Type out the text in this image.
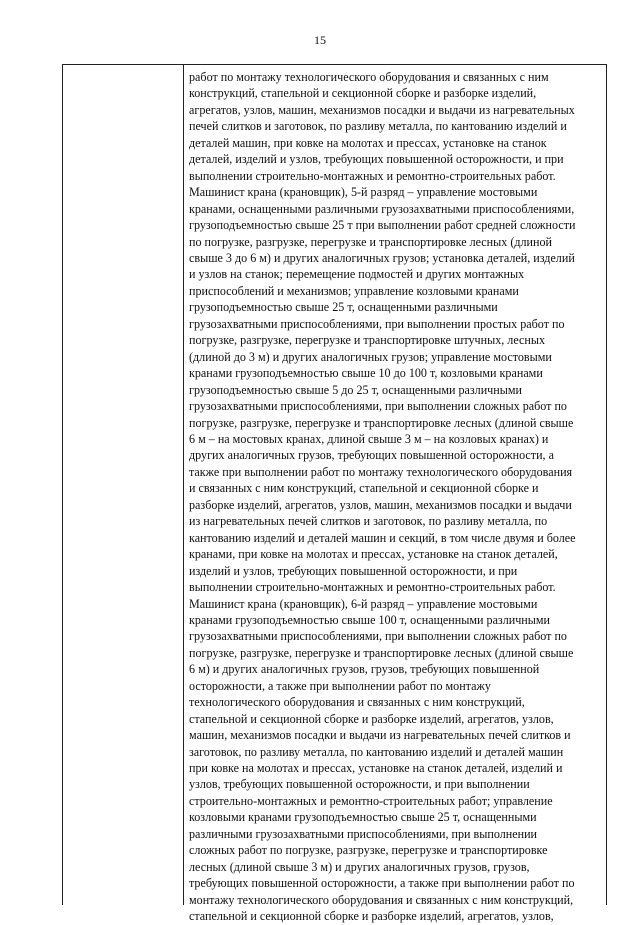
15
работ по монтажу технологического оборудования и связанных с ним
конструкций, стапельной и секционной сборке и разборке изделий,
агрегатов, узлов, машин, механизмов посадки и выдачи из нагревательных
печей слитков и заготовок, по разливу металла, по кантованию изделий и
деталей машин, при ковке на молотах и прессах, установке на станок
деталей, изделий и узлов, требующих повышенной осторожности, и при
выполнении строительно-монтажных и ремонтно-строительных работ.
Машинист крана (крановщик), 5-й разряд – управление мостовыми
кранами, оснащенными различными грузозахватными приспособлениями,
грузоподъемностью свыше 25 т при выполнении работ средней сложности
по погрузке, разгрузке, перегрузке и транспортировке лесных (длиной
свыше 3 до 6 м) и других аналогичных грузов; установка деталей, изделий
и узлов на станок; перемещение подмостей и других монтажных
приспособлений и механизмов; управление козловыми кранами
грузоподъемностью свыше 25 т, оснащенными различными
грузозахватными приспособлениями, при выполнении простых работ по
погрузке, разгрузке, перегрузке и транспортировке штучных, лесных
(длиной до 3 м) и других аналогичных грузов; управление мостовыми
кранами грузоподъемностью свыше 10 до 100 т, козловыми кранами
грузоподъемностью свыше 5 до 25 т, оснащенными различными
грузозахватными приспособлениями, при выполнении сложных работ по
погрузке, разгрузке, перегрузке и транспортировке лесных (длиной свыше
6 м – на мостовых кранах, длиной свыше 3 м – на козловых кранах) и
других аналогичных грузов, требующих повышенной осторожности, а
также при выполнении работ по монтажу технологического оборудования
и связанных с ним конструкций, стапельной и секционной сборке и
разборке изделий, агрегатов, узлов, машин, механизмов посадки и выдачи
из нагревательных печей слитков и заготовок, по разливу металла, по
кантованию изделий и деталей машин и секций, в том числе двумя и более
кранами, при ковке на молотах и прессах, установке на станок деталей,
изделий и узлов, требующих повышенной осторожности, и при
выполнении строительно-монтажных и ремонтно-строительных работ.
Машинист крана (крановщик), 6-й разряд – управление мостовыми
кранами грузоподъемностью свыше 100 т, оснащенными различными
грузозахватными приспособлениями, при выполнении сложных работ по
погрузке, разгрузке, перегрузке и транспортировке лесных (длиной свыше
6 м) и других аналогичных грузов, грузов, требующих повышенной
осторожности, а также при выполнении работ по монтажу
технологического оборудования и связанных с ним конструкций,
стапельной и секционной сборке и разборке изделий, агрегатов, узлов,
машин, механизмов посадки и выдачи из нагревательных печей слитков и
заготовок, по разливу металла, по кантованию изделий и деталей машин
при ковке на молотах и прессах, установке на станок деталей, изделий и
узлов, требующих повышенной осторожности, и при выполнении
строительно-монтажных и ремонтно-строительных работ; управление
козловыми кранами грузоподъемностью свыше 25 т, оснащенными
различными грузозахватными приспособлениями, при выполнении
сложных работ по погрузке, разгрузке, перегрузке и транспортировке
лесных (длиной свыше 3 м) и других аналогичных грузов, грузов,
требующих повышенной осторожности, а также при выполнении работ по
монтажу технологического оборудования и связанных с ним конструкций,
стапельной и секционной сборке и разборке изделий, агрегатов, узлов,
